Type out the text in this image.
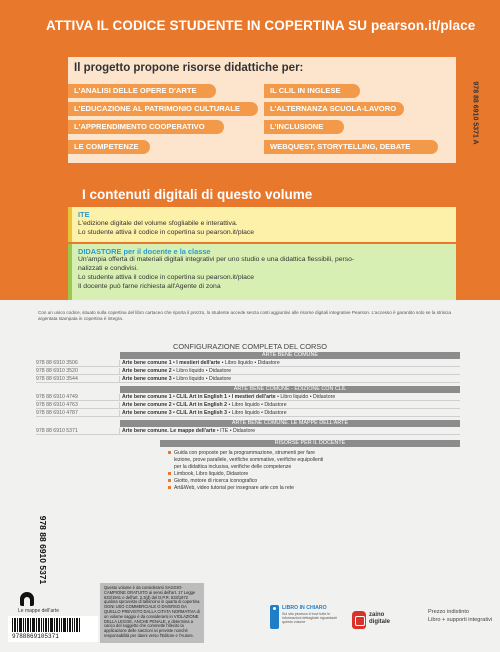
ATTIVA IL CODICE STUDENTE IN COPERTINA SU pearson.it/place
Il progetto propone risorse didattiche per:
L'ANALISI DELLE OPERE D'ARTE
L'EDUCAZIONE AL PATRIMONIO CULTURALE
L'APPRENDIMENTO COOPERATIVO
LE COMPETENZE
IL CLIL IN INGLESE
L'ALTERNANZA SCUOLA-LAVORO
L'INCLUSIONE
WEBQUEST, STORYTELLING, DEBATE
978 88 6910 5371 A
I contenuti digitali di questo volume
ITE
L'edizione digitale del volume sfogliabile e interattiva.
Lo studente attiva il codice in copertina su pearson.it/place
DIDASTORE per il docente e la classe
Un'ampia offerta di materiali digitali integrativi per uno studio e una didattica flessibili, perso-
nalizzati e condivisi.
Lo studente attiva il codice in copertina su pearson.it/place
Il docente può farne richiesta all'Agente di zona
Con un unico codice, situato sulla copertina del libro cartaceo che riporta il prezzo, lo studente accede senza costi aggiuntivi alle risorse digitali integrative Pearson. L'accesso è garantito solo se la striscia argentata stampata in copertina è integra.
CONFIGURAZIONE COMPLETA DEL CORSO
ARTE BENE COMUNE
978 88 6910 3506	Arte bene comune 1 • I mestieri dell'arte • Libro liquido • Didastore
978 88 6910 3520	Arte bene comune 2 • Libro liquido • Didastore
978 88 6910 3544	Arte bene comune 3 • Libro liquido • Didastore
ARTE BENE COMUNE - EDIZIONE CON CLIL
978 88 6910 4749	Arte bene comune 1 • CLIL Art in English 1 • I mestieri dell'arte • Libro liquido • Didastore
978 88 6910 4763	Arte bene comune 2 • CLIL Art in English 2 • Libro liquido • Didastore
978 88 6910 4787	Arte bene comune 3 • CLIL Art in English 3 • Libro liquido • Didastore
ARTE BENE COMUNE. LE MAPPE DELL'ARTE
978 88 6910 5371	Arte bene comune. Le mappe dell'arte • ITE • Didastore
RISORSE PER IL DOCENTE
Guida con proposte per la programmazione, strumenti per fare
lezione, prove parallele, verifiche sommative, verifiche equipollenti
per la didattica inclusiva, verifiche delle competenze
Limbook, Libro liquido, Didastore
Giotto, motore di ricerca iconografico
Art&Web, video tutorial per insegnare arte con la rete
978 88 6910 5371
Le mappe dell'arte
9788869105371
Questo volume è da considerarsi SAGGIO-CAMPIONE GRATUITO ai sensi dell'art. 17 Legge 633/1941 e dell'art. 2,3(d) del D.P.R. 633/1972 qualora sprovvisto di talloncino in quarta di copertina. OGNI USO COMMERCIALE O DIVERSO DA QUELLO PREVISTO DALLA CITATA NORMATIVA di un volume saggio è da considerarsi in VIOLAZIONE DELLA LEGGE, ANCHE PENALE, e determina a carico del soggetto che commette l'illecito la applicazione delle sanzioni ivi previste nonché responsabilità per danni verso l'Editore e l'Autore.
LIBRO IN CHIARO
Sul sito pearson.it trovi tutte le informazioni dettagliate riguardanti questo volume
zaino digitale
Prezzo indistinto
Libro + supporti integrativi
